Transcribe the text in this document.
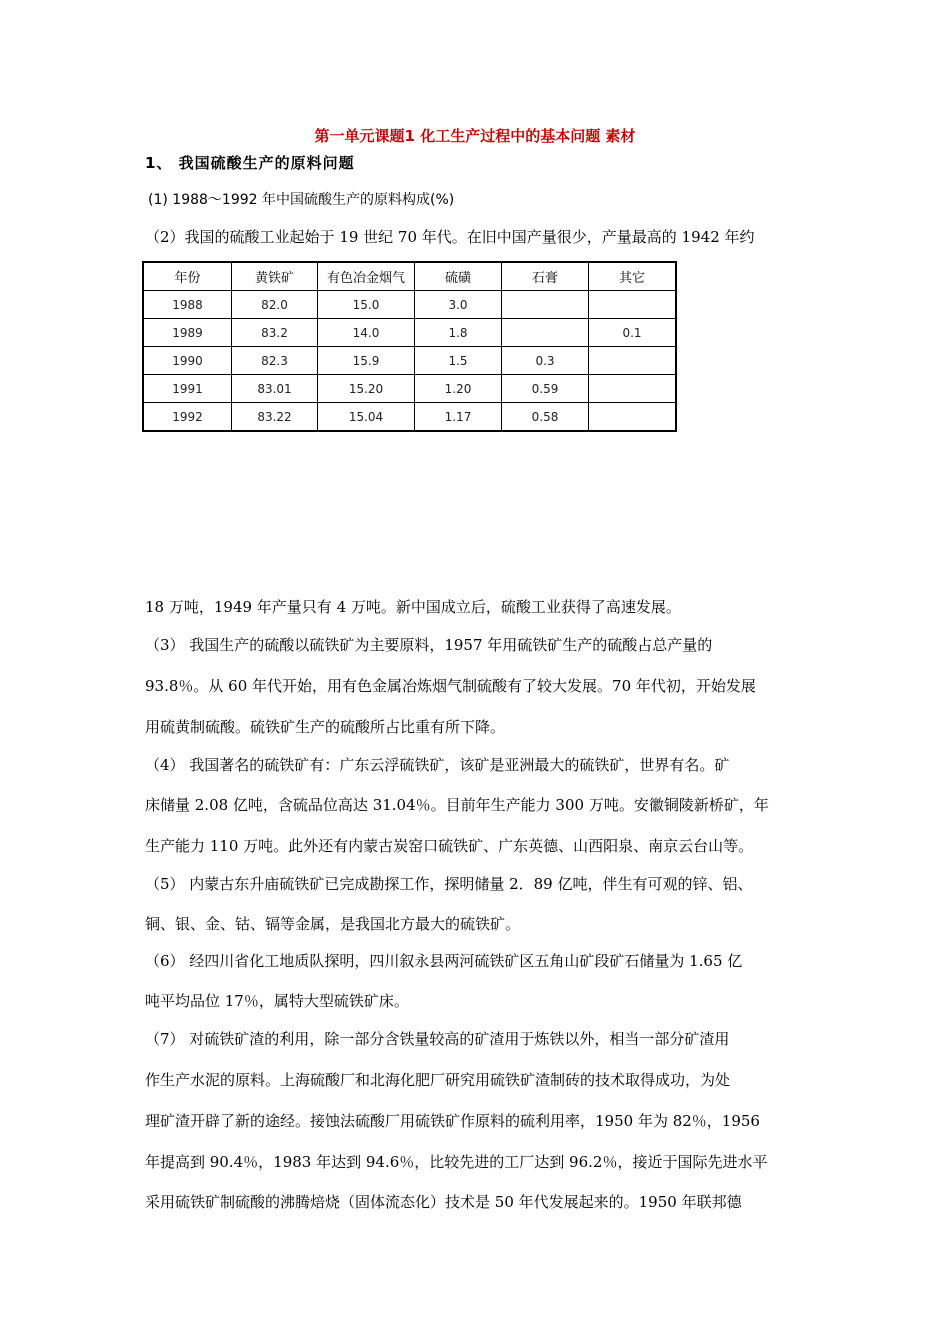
第一单元课题1 化工生产过程中的基本问题 素材
1、 我国硫酸生产的原料问题
(1) 1988～1992 年中国硫酸生产的原料构成(%)
（2）我国的硫酸工业起始于 19 世纪 70 年代。在旧中国产量很少，产量最高的 1942 年约
年份	黄铁矿	有色冶金烟气	硫磺	石膏	其它
1988	82.0	15.0	3.0		
1989	83.2	14.0	1.8		0.1
1990	82.3	15.9	1.5	0.3	
1991	83.01	15.20	1.20	0.59	
1992	83.22	15.04	1.17	0.58	
18 万吨，1949 年产量只有 4 万吨。新中国成立后，硫酸工业获得了高速发展。
（3） 我国生产的硫酸以硫铁矿为主要原料，1957 年用硫铁矿生产的硫酸占总产量的
93.8％。从 60 年代开始，用有色金属冶炼烟气制硫酸有了较大发展。70 年代初，开始发展
用硫黄制硫酸。硫铁矿生产的硫酸所占比重有所下降。
（4） 我国著名的硫铁矿有：广东云浮硫铁矿，该矿是亚洲最大的硫铁矿，世界有名。矿
床储量 2.08 亿吨，含硫品位高达 31.04％。目前年生产能力 300 万吨。安徽铜陵新桥矿，年
生产能力 110 万吨。此外还有内蒙古炭窑口硫铁矿、广东英德、山西阳泉、南京云台山等。
（5） 内蒙古东升庙硫铁矿已完成勘探工作，探明储量 2．89 亿吨，伴生有可观的锌、铝、
铜、银、金、钴、镉等金属，是我国北方最大的硫铁矿。
（6） 经四川省化工地质队探明，四川叙永县两河硫铁矿区五角山矿段矿石储量为 1.65 亿
吨平均品位 17％，属特大型硫铁矿床。
（7） 对硫铁矿渣的利用，除一部分含铁量较高的矿渣用于炼铁以外，相当一部分矿渣用
作生产水泥的原料。上海硫酸厂和北海化肥厂研究用硫铁矿渣制砖的技术取得成功，为处
理矿渣开辟了新的途经。接蚀法硫酸厂用硫铁矿作原料的硫利用率，1950 年为 82％，1956
年提高到 90.4％，1983 年达到 94.6％，比较先进的工厂达到 96.2％，接近于国际先进水平
采用硫铁矿制硫酸的沸腾焙烧（固体流态化）技术是 50 年代发展起来的。1950 年联邦德
